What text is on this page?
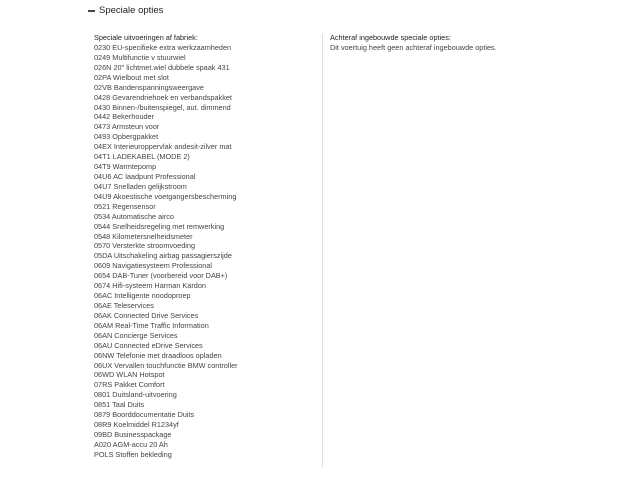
Speciale opties
Speciale uitvoeringen af fabriek:
0230 EU-specifieke extra werkzaamheden
0249 Multifunctie v stuurwiel
026N 20" lichtmet.wiel dubbele spaak 431
02PA Wielbout met slot
02VB Bandenspanningsweergave
0428 Gevarendriehoek en verbandspakket
0430 Binnen-/buitenspiegel, aut. dimmend
0442 Bekerhouder
0473 Armsteun voor
0493 Opbergpakket
04EX Interieuroppervlak andesit-zilver mat
04T1 LADEKABEL (MODE 2)
04T9 Warmtepomp
04U6 AC laadpunt Professional
04U7 Snelladen gelijkstroom
04U9 Akoestische voetgangersbescherming
0521 Regensensor
0534 Automatische airco
0544 Snelheidsregeling met remwerking
0548 Kilometersnelheidsmeter
0570 Versterkte stroomvoeding
05DA Uitschakeling airbag passagierszijde
0609 Navigatiesysteem Professional
0654 DAB-Tuner (voorbereid voor DAB+)
0674 Hifi-systeem Harman Kardon
06AC Intelligente noodoproep
06AE Teleservices
06AK Connected Drive Services
06AM Real-Time Traffic Information
06AN Concierge Services
06AU Connected eDrive Services
06NW Telefonie met draadloos opladen
06UX Vervallen touchfunctie BMW controller
06WD WLAN Hotspot
07RS Pakket Comfort
0801 Duitsland-uitvoering
0851 Taal Duits
0879 Boorddocumentatie Duits
08R9 Koelmiddel R1234yf
09BD Businesspackage
A020 AGM-accu 20 Ah
POLS Stoffen bekleding
Achteraf ingebouwde speciale opties:
Dit voertuig heeft geen achteraf ingebouwde opties.
